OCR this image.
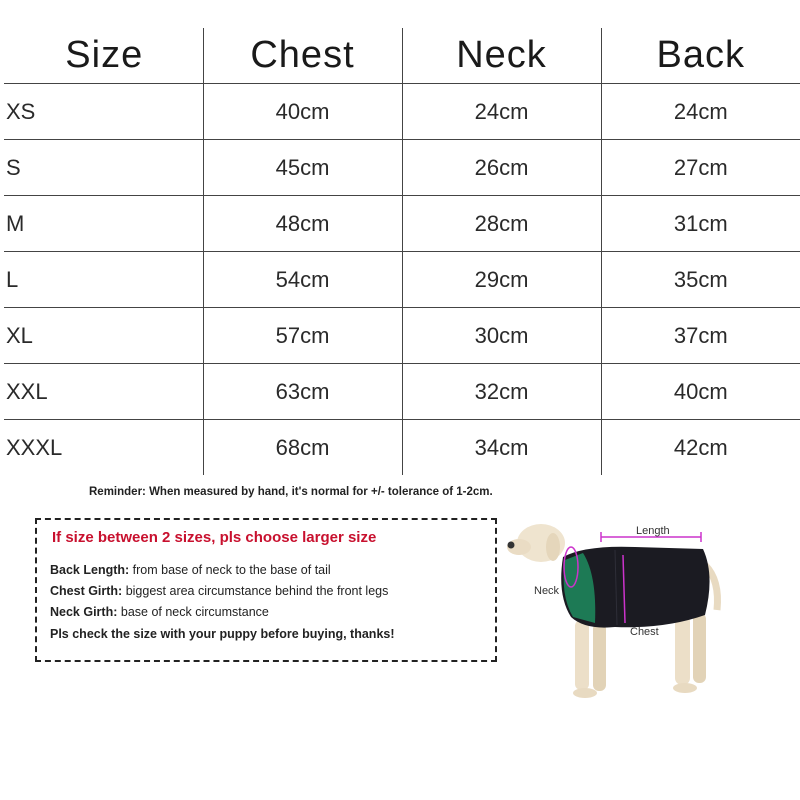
Size	Chest	Neck	Back
XS	40cm	24cm	24cm
S	45cm	26cm	27cm
M	48cm	28cm	31cm
L	54cm	29cm	35cm
XL	57cm	30cm	37cm
XXL	63cm	32cm	40cm
XXXL	68cm	34cm	42cm
Reminder: When measured by hand, it's normal for +/- tolerance of 1-2cm.
If size between 2 sizes, pls choose larger size
Back Length: from base of neck to the base of tail
Chest Girth: biggest area circumstance behind the front legs
Neck Girth: base of neck circumstance
Pls check the size with your puppy before buying, thanks!
Length
Neck
Chest
